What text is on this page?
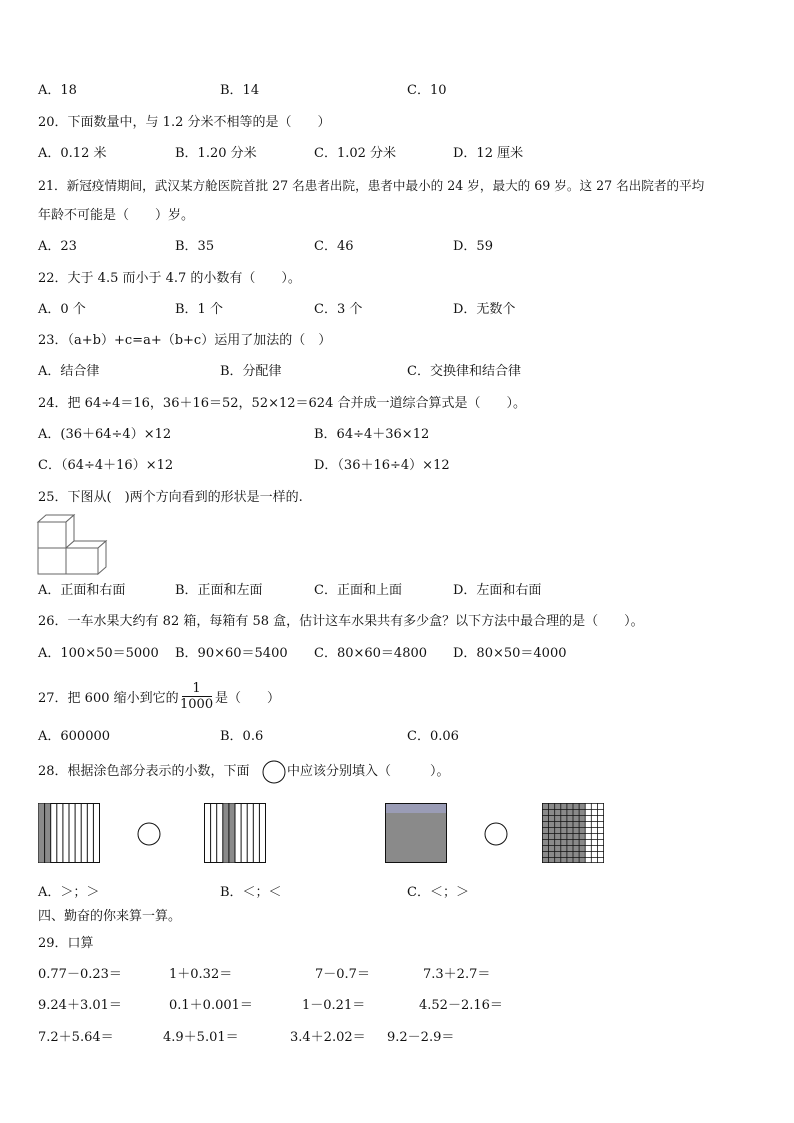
A．18	B．14	C．10
20．下面数量中，与 1.2 分米不相等的是（　　）
A．0.12 米	B．1.20 分米	C．1.02 分米	D．12 厘米
21．新冠疫情期间，武汉某方舱医院首批 27 名患者出院，患者中最小的 24 岁，最大的 69 岁。这 27 名出院者的平均
年龄不可能是（　　）岁。
A．23	B．35	C．46	D．59
22．大于 4.5 而小于 4.7 的小数有（　　）。
A．0 个	B．1 个	C．3 个	D．无数个
23．（a+b）+c=a+（b+c）运用了加法的（　）
A．结合律	B．分配律	C．交换律和结合律
24．把 64÷4＝16，36＋16＝52，52×12＝624 合并成一道综合算式是（　　）。
A．(36＋64÷4）×12	B．64÷4＋36×12
C．（64÷4＋16）×12	D．（36＋16÷4）×12
25．下图从(　)两个方向看到的形状是一样的.
A．正面和右面	B．正面和左面	C．正面和上面	D．左面和右面
26．一车水果大约有 82 箱，每箱有 58 盒，估计这车水果共有多少盒？以下方法中最合理的是（　　）。
A．100×50＝5000 B．90×60＝5400 C．80×60＝4800 D．80×50＝4000
27．把 600 缩小到它的
1
1000 是（　　）
A．600000	B．0.6	C．0.06
28．根据涂色部分表示的小数，下面	中应该分别填入（　　　）。
A．＞；＞	B．＜；＜	C．＜；＞
四、勤奋的你来算一算。
29．口算
0.77－0.23＝	1＋0.32＝	7－0.7＝	7.3＋2.7＝
9.24＋3.01＝	0.1＋0.001＝	1－0.21＝	4.52－2.16＝
7.2＋5.64＝	4.9＋5.01＝	3.4＋2.02＝ 9.2－2.9＝
